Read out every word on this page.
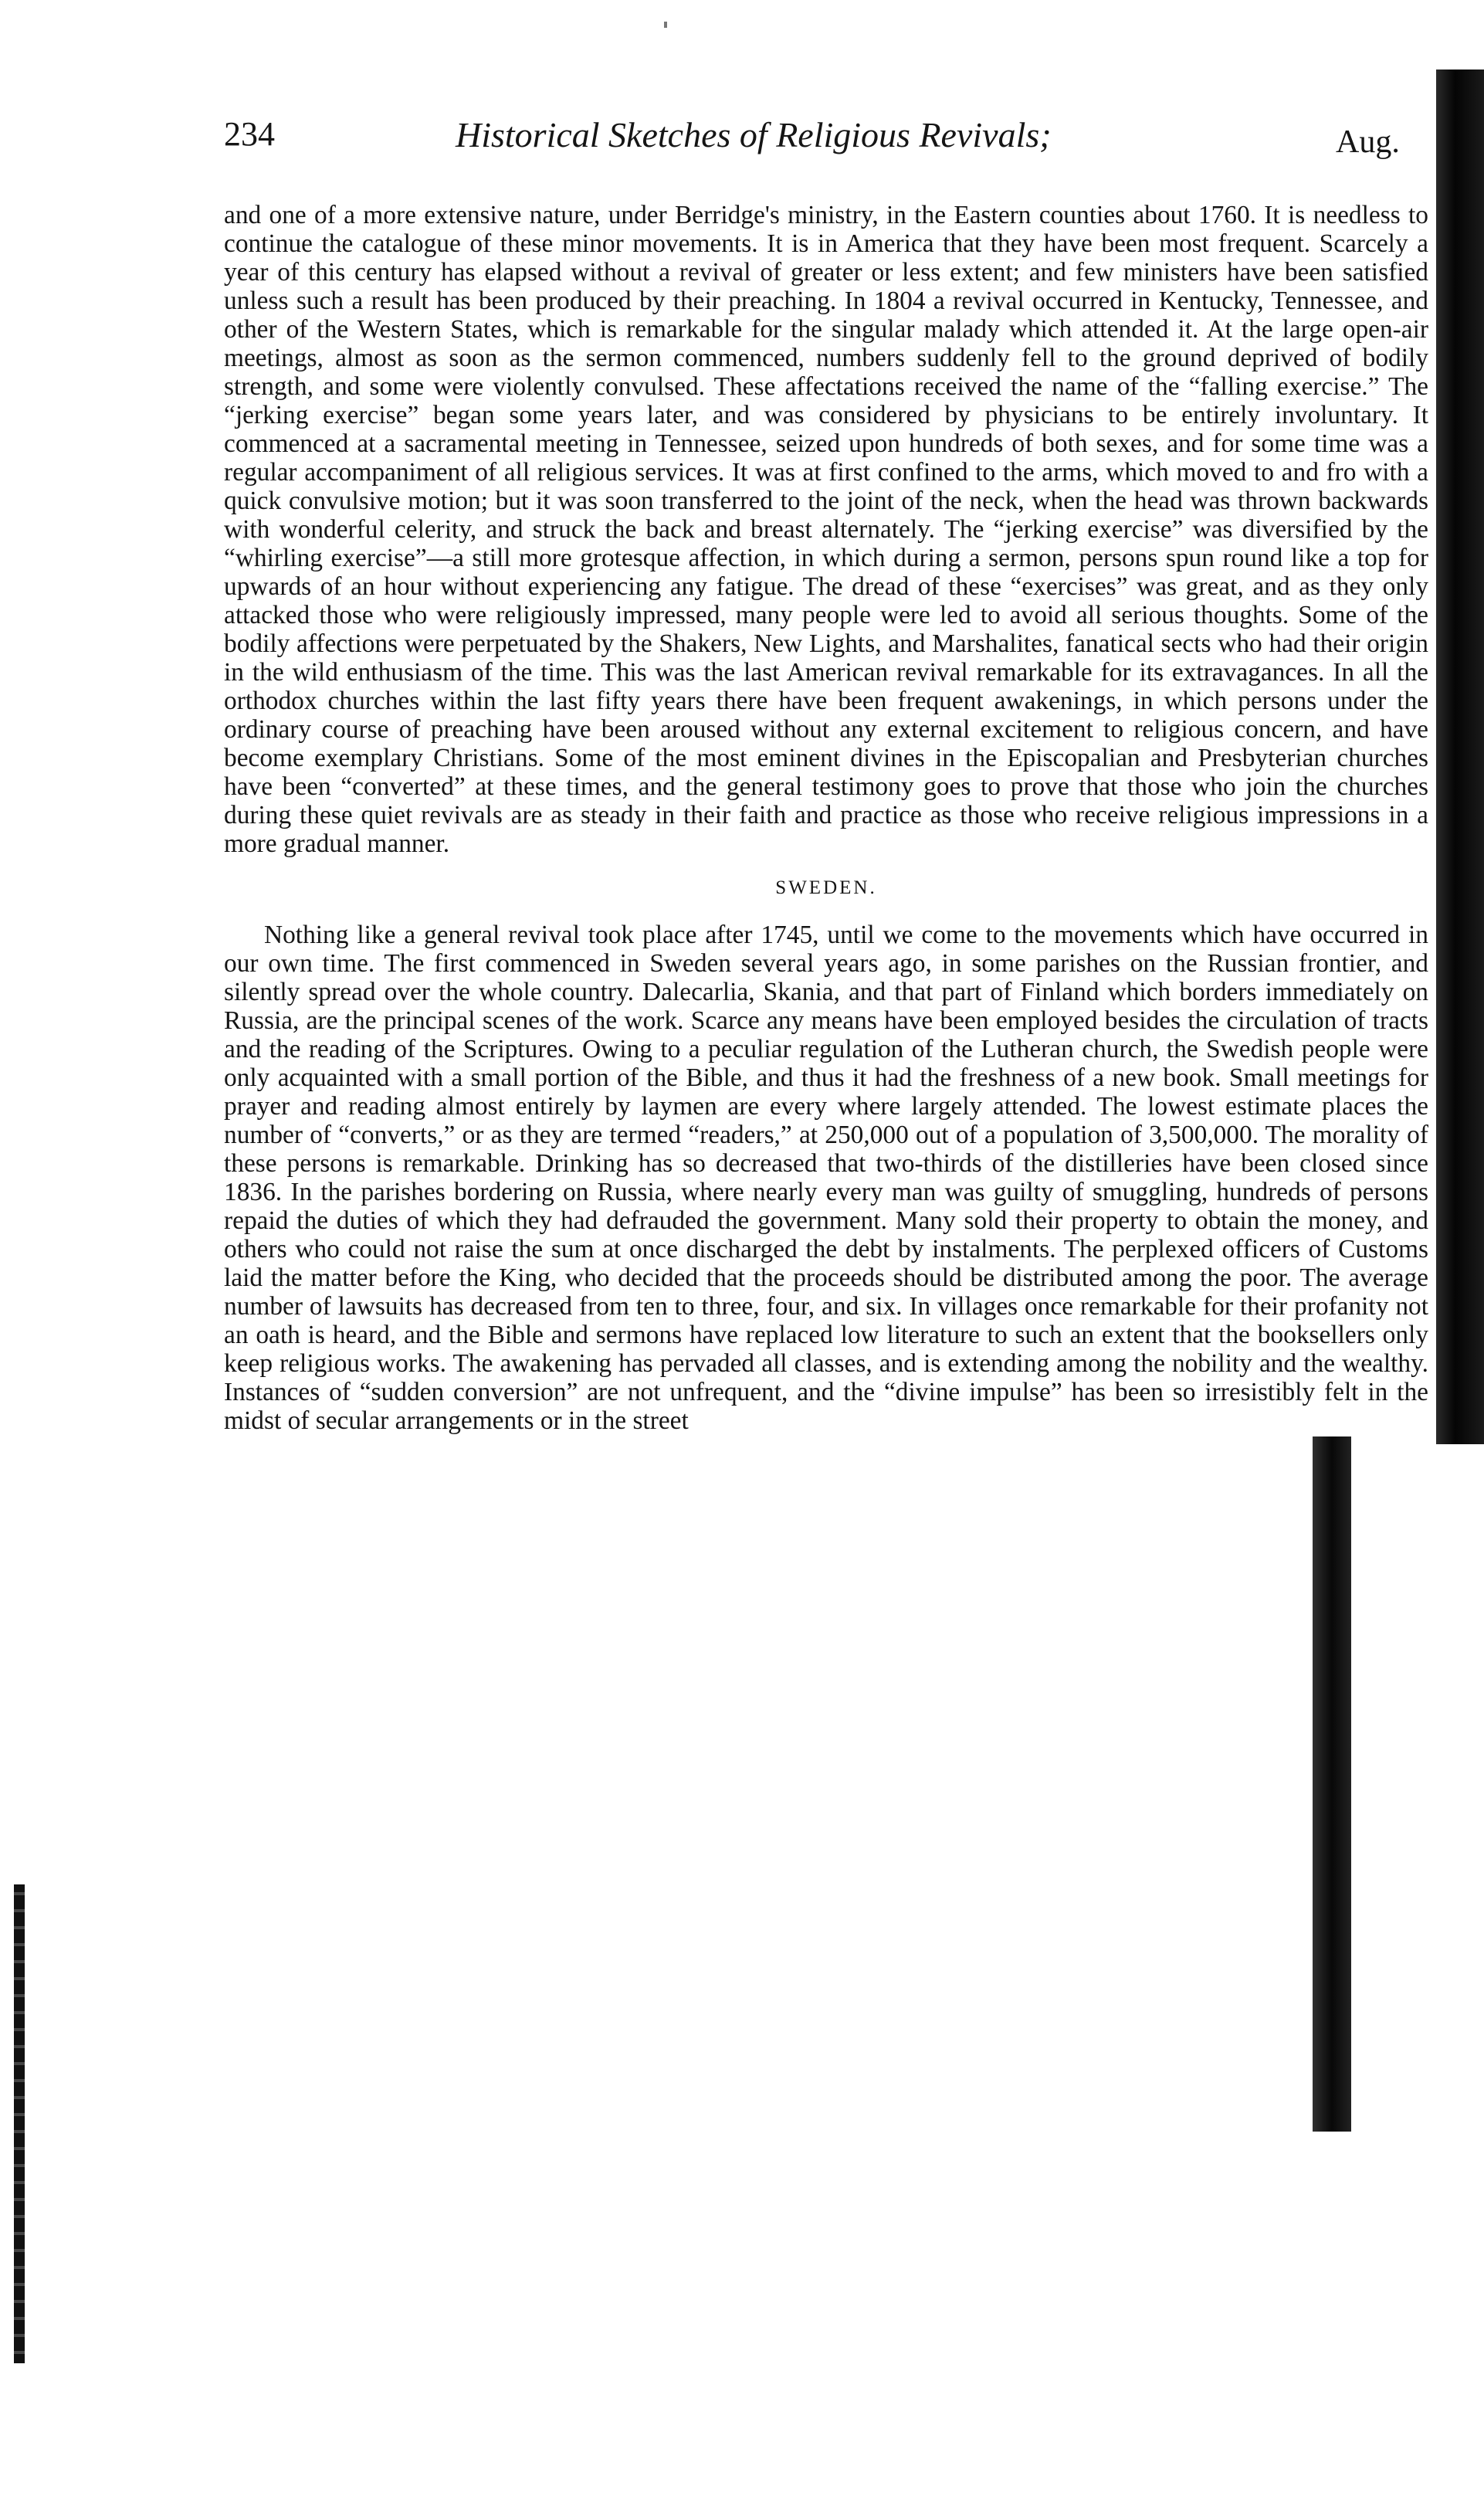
234	Historical Sketches of Religious Revivals;	Aug.

and one of a more extensive nature, under Berridge's ministry, in the Eastern counties about 1760. It is needless to continue the catalogue of these minor movements. It is in America that they have been most frequent. Scarcely a year of this century has elapsed without a revival of greater or less extent; and few ministers have been satisfied unless such a result has been produced by their preaching. In 1804 a revival occurred in Kentucky, Tennessee, and other of the Western States, which is remarkable for the singular malady which attended it. At the large open-air meetings, almost as soon as the sermon commenced, numbers suddenly fell to the ground deprived of bodily strength, and some were violently convulsed. These affectations received the name of the “falling exercise.” The “jerking exercise” began some years later, and was considered by physicians to be entirely involuntary. It commenced at a sacramental meeting in Tennessee, seized upon hundreds of both sexes, and for some time was a regular accompaniment of all religious services. It was at first confined to the arms, which moved to and fro with a quick convulsive motion; but it was soon transferred to the joint of the neck, when the head was thrown backwards with wonderful celerity, and struck the back and breast alternately. The “jerking exercise” was diversified by the “whirling exercise”—a still more grotesque affection, in which during a sermon, persons spun round like a top for upwards of an hour without experiencing any fatigue. The dread of these “exercises” was great, and as they only attacked those who were religiously impressed, many people were led to avoid all serious thoughts. Some of the bodily affections were perpetuated by the Shakers, New Lights, and Marshalites, fanatical sects who had their origin in the wild enthusiasm of the time. This was the last American revival remarkable for its extravagances. In all the orthodox churches within the last fifty years there have been frequent awakenings, in which persons under the ordinary course of preaching have been aroused without any external excitement to religious concern, and have become exemplary Christians. Some of the most eminent divines in the Episcopalian and Presbyterian churches have been “converted” at these times, and the general testimony goes to prove that those who join the churches during these quiet revivals are as steady in their faith and practice as those who receive religious impressions in a more gradual manner.

SWEDEN.

Nothing like a general revival took place after 1745, until we come to the movements which have occurred in our own time. The first commenced in Sweden several years ago, in some parishes on the Russian frontier, and silently spread over the whole country. Dalecarlia, Skania, and that part of Finland which borders immediately on Russia, are the principal scenes of the work. Scarce any means have been employed besides the circulation of tracts and the reading of the Scriptures. Owing to a peculiar regulation of the Lutheran church, the Swedish people were only acquainted with a small portion of the Bible, and thus it had the freshness of a new book. Small meetings for prayer and reading almost entirely by laymen are every where largely attended. The lowest estimate places the number of “converts,” or as they are termed “readers,” at 250,000 out of a population of 3,500,000. The morality of these persons is remarkable. Drinking has so decreased that two-thirds of the distilleries have been closed since 1836. In the parishes bordering on Russia, where nearly every man was guilty of smuggling, hundreds of persons repaid the duties of which they had defrauded the government. Many sold their property to obtain the money, and others who could not raise the sum at once discharged the debt by instalments. The perplexed officers of Customs laid the matter before the King, who decided that the proceeds should be distributed among the poor. The average number of lawsuits has decreased from ten to three, four, and six. In villages once remarkable for their profanity not an oath is heard, and the Bible and sermons have replaced low literature to such an extent that the booksellers only keep religious works. The awakening has pervaded all classes, and is extending among the nobility and the wealthy. Instances of “sudden conversion” are not unfrequent, and the “divine impulse” has been so irresistibly felt in the midst of secular arrangements or in the street
